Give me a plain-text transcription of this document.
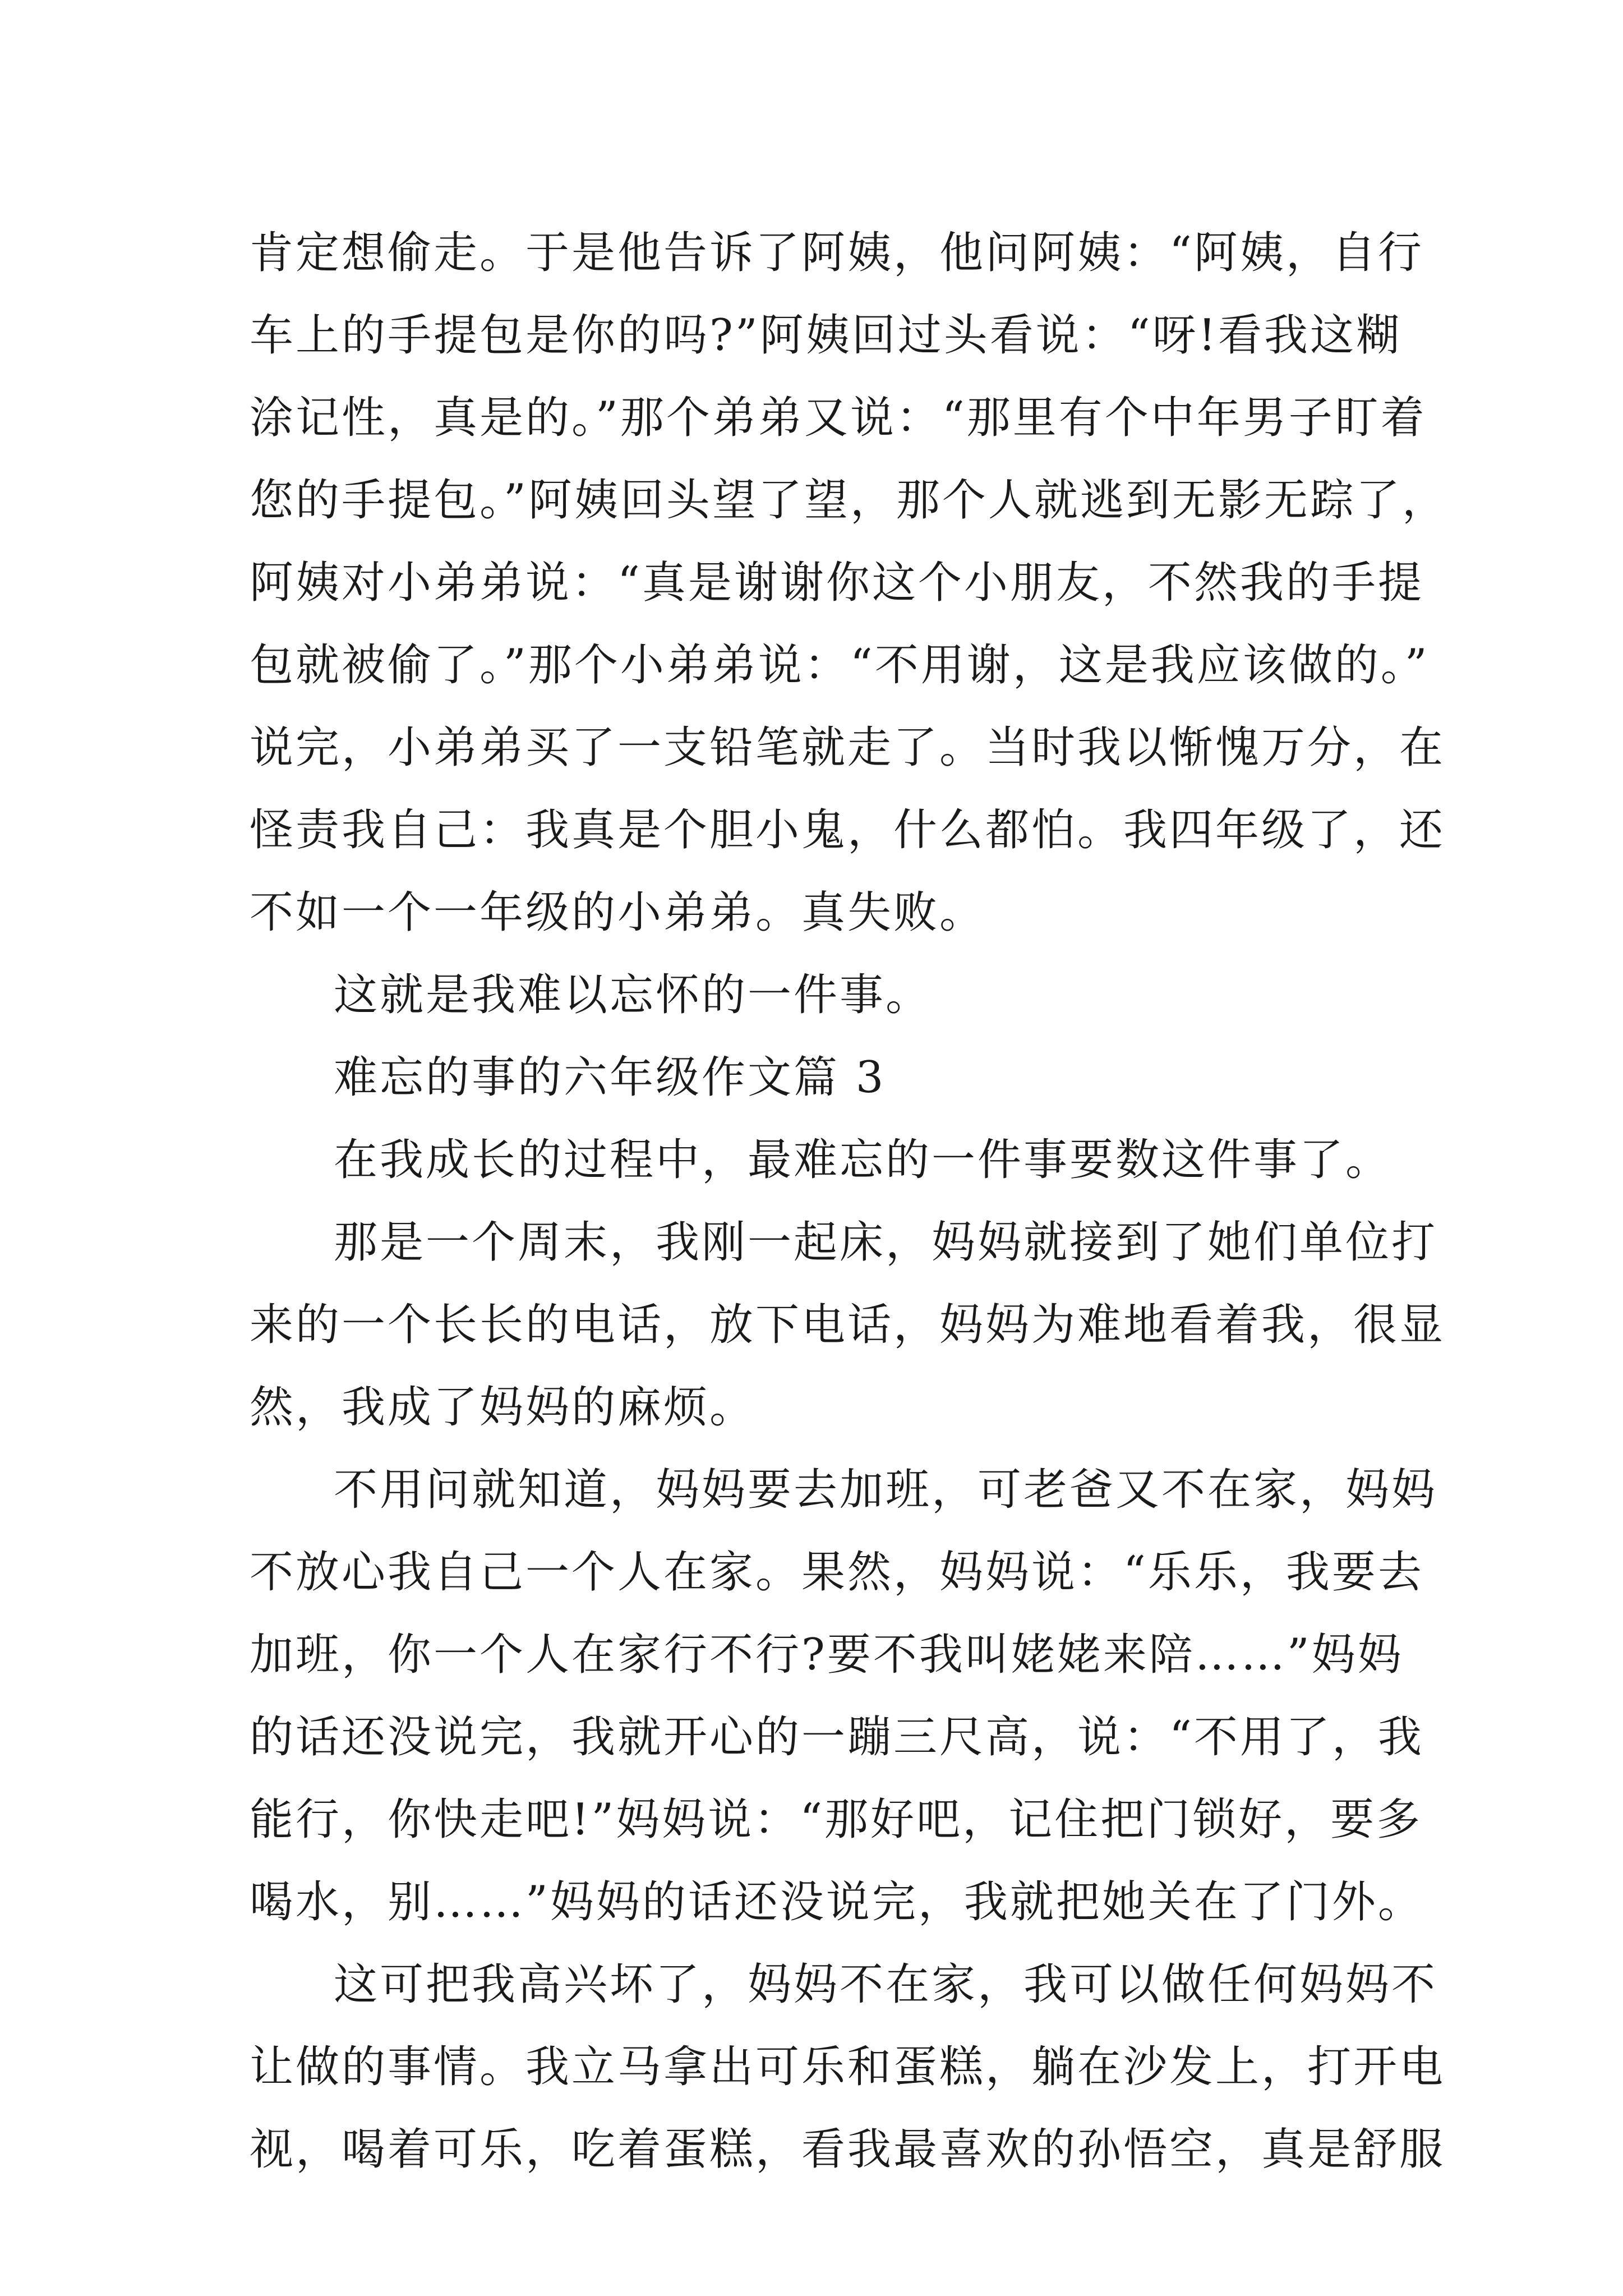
肯定想偷走。于是他告诉了阿姨，他问阿姨：“阿姨，自行
车上的手提包是你的吗?”阿姨回过头看说：“呀!看我这糊
涂记性，真是的。”那个弟弟又说：“那里有个中年男子盯着
您的手提包。”阿姨回头望了望，那个人就逃到无影无踪了，
阿姨对小弟弟说：“真是谢谢你这个小朋友，不然我的手提
包就被偷了。”那个小弟弟说：“不用谢，这是我应该做的。”
说完，小弟弟买了一支铅笔就走了。当时我以惭愧万分，在
怪责我自己：我真是个胆小鬼，什么都怕。我四年级了，还
不如一个一年级的小弟弟。真失败。
这就是我难以忘怀的一件事。
难忘的事的六年级作文篇 3
在我成长的过程中，最难忘的一件事要数这件事了。
那是一个周末，我刚一起床，妈妈就接到了她们单位打
来的一个长长的电话，放下电话，妈妈为难地看着我，很显
然，我成了妈妈的麻烦。
不用问就知道，妈妈要去加班，可老爸又不在家，妈妈
不放心我自己一个人在家。果然，妈妈说：“乐乐，我要去
加班，你一个人在家行不行?要不我叫姥姥来陪……”妈妈
的话还没说完，我就开心的一蹦三尺高，说：“不用了，我
能行，你快走吧!”妈妈说：“那好吧，记住把门锁好，要多
喝水，别……”妈妈的话还没说完，我就把她关在了门外。
这可把我高兴坏了，妈妈不在家，我可以做任何妈妈不
让做的事情。我立马拿出可乐和蛋糕，躺在沙发上，打开电
视，喝着可乐，吃着蛋糕，看我最喜欢的孙悟空，真是舒服
